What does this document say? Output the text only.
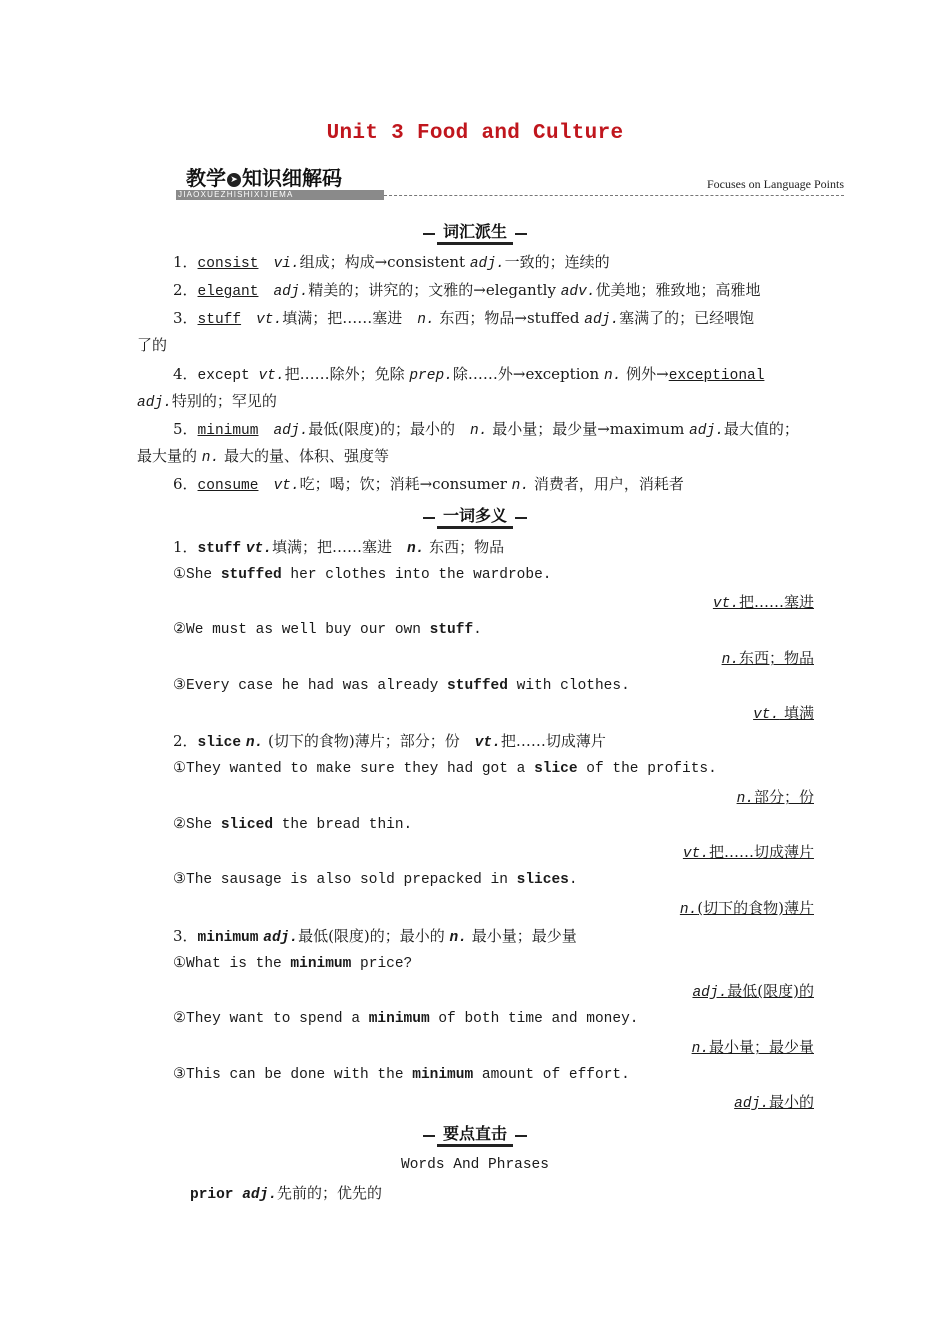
Unit 3 Food and Culture
JIAOXUEZHISHIXIJIEMA
教学 ➤ 知识细解码	Focuses on Language Points
词汇派生
1．consist　 vi.组成；构成→consistent adj.一致的；连续的
2．elegant　 adj.精美的；讲究的；文雅的→elegantly adv.优美地；雅致地；高雅地
3．stuff　 vt.填满；把……塞进　n. 东西；物品→stuffed adj.塞满了的；已经喂饱
了的
4．except vt.把……除外；免除 prep.除……外→exception n. 例外→exceptional
adj.特别的；罕见的
5．minimum　 adj.最低(限度)的；最小的　n. 最小量；最少量→maximum adj.最大值的；
最大量的 n. 最大的量、体积、强度等
6．consume　 vt.吃；喝；饮；消耗→consumer n. 消费者，用户，消耗者
一词多义
1．stuff vt.填满；把……塞进　n. 东西；物品
①She stuffed her clothes into the wardrobe.
vt.把……塞进
②We must as well buy our own stuff.
n.东西；物品
③Every case he had was already stuffed with clothes.
vt. 填满
2．slice n. (切下的食物)薄片；部分；份　vt.把……切成薄片
①They wanted to make sure they had got a slice of the profits.
n.部分；份
②She sliced the bread thin.
vt.把……切成薄片
③The sausage is also sold prepacked in slices.
n.(切下的食物)薄片
3．minimum adj.最低(限度)的；最小的 n. 最小量；最少量
①What is the minimum price?
adj.最低(限度)的
②They want to spend a minimum of both time and money.
n.最小量；最少量
③This can be done with the minimum amount of effort.
adj.最小的
要点直击
Words And Phrases
prior adj.先前的；优先的
